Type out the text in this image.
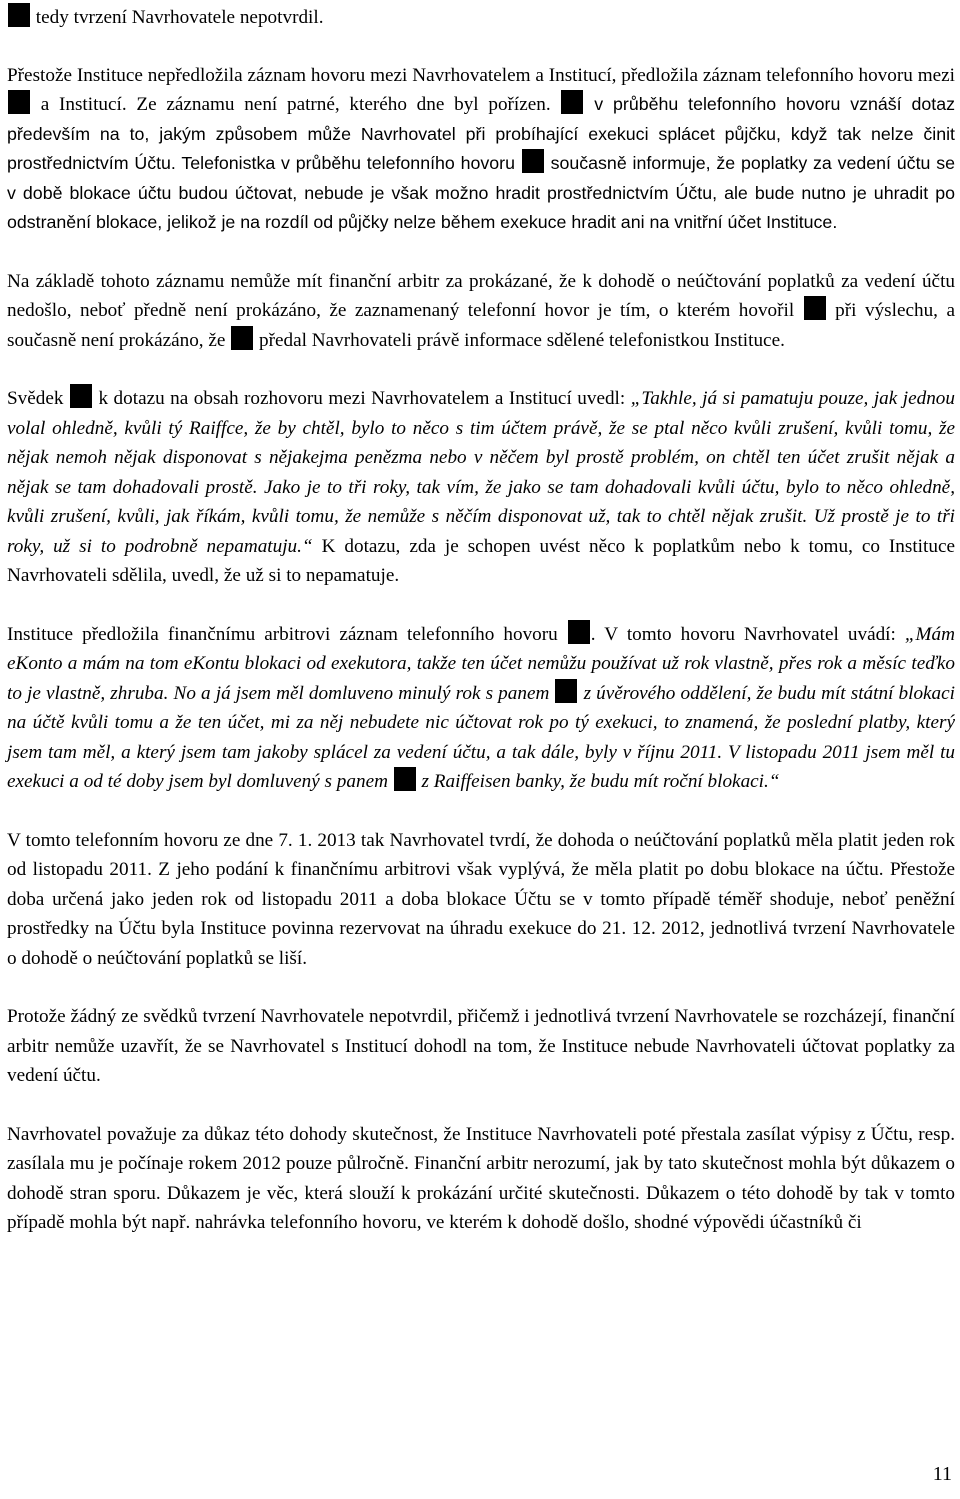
tedy tvrzení Navrhovatele nepotvrdil.

Přestože Instituce nepředložila záznam hovoru mezi Navrhovatelem a Institucí, předložila záznam telefonního hovoru mezi  a Institucí. Ze záznamu není patrné, kterého dne byl pořízen.  v průběhu telefonního hovoru vznáší dotaz především na to, jakým způsobem může Navrhovatel při probíhající exekuci splácet půjčku, když tak nelze činit prostřednictvím Účtu. Telefonistka v průběhu telefonního hovoru  současně informuje, že poplatky za vedení účtu se v době blokace účtu budou účtovat, nebude je však možno hradit prostřednictvím Účtu, ale bude nutno je uhradit po odstranění blokace, jelikož je na rozdíl od půjčky nelze během exekuce hradit ani na vnitřní účet Instituce.

Na základě tohoto záznamu nemůže mít finanční arbitr za prokázané, že k dohodě o neúčtování poplatků za vedení účtu nedošlo, neboť předně není prokázáno, že zaznamenaný telefonní hovor je tím, o kterém hovořil  při výslechu, a současně není prokázáno, že  předal Navrhovateli právě informace sdělené telefonistkou Instituce.

Svědek  k dotazu na obsah rozhovoru mezi Navrhovatelem a Institucí uvedl: „Takhle, já si pamatuju pouze, jak jednou volal ohledně, kvůli tý Raiffce, že by chtěl, bylo to něco s tim účtem právě, že se ptal něco kvůli zrušení, kvůli tomu, že nějak nemoh nějak disponovat s nějakejma penězma nebo v něčem byl prostě problém, on chtěl ten účet zrušit nějak a nějak se tam dohadovali prostě. Jako je to tři roky, tak vím, že jako se tam dohadovali kvůli účtu, bylo to něco ohledně, kvůli zrušení, kvůli, jak říkám, kvůli tomu, že nemůže s něčím disponovat už, tak to chtěl nějak zrušit. Už prostě je to tři roky, už si to podrobně nepamatuju.“ K dotazu, zda je schopen uvést něco k poplatkům nebo k tomu, co Instituce Navrhovateli sdělila, uvedl, že už si to nepamatuje.

Instituce předložila finančnímu arbitrovi záznam telefonního hovoru . V tomto hovoru Navrhovatel uvádí: „Mám eKonto a mám na tom eKontu blokaci od exekutora, takže ten účet nemůžu používat už rok vlastně, přes rok a měsíc teďko to je vlastně, zhruba. No a já jsem měl domluveno minulý rok s panem  z úvěrového oddělení, že budu mít státní blokaci na účtě kvůli tomu a že ten účet, mi za něj nebudete nic účtovat rok po tý exekuci, to znamená, že poslední platby, který jsem tam měl, a který jsem tam jakoby splácel za vedení účtu, a tak dále, byly v říjnu 2011. V listopadu 2011 jsem měl tu exekuci a od té doby jsem byl domluvený s panem  z Raiffeisen banky, že budu mít roční blokaci.“

V tomto telefonním hovoru ze dne 7. 1. 2013 tak Navrhovatel tvrdí, že dohoda o neúčtování poplatků měla platit jeden rok od listopadu 2011. Z jeho podání k finančnímu arbitrovi však vyplývá, že měla platit po dobu blokace na účtu. Přestože doba určená jako jeden rok od listopadu 2011 a doba blokace Účtu se v tomto případě téměř shoduje, neboť peněžní prostředky na Účtu byla Instituce povinna rezervovat na úhradu exekuce do 21. 12. 2012, jednotlivá tvrzení Navrhovatele o dohodě o neúčtování poplatků se liší.

Protože žádný ze svědků tvrzení Navrhovatele nepotvrdil, přičemž i jednotlivá tvrzení Navrhovatele se rozcházejí, finanční arbitr nemůže uzavřít, že se Navrhovatel s Institucí dohodl na tom, že Instituce nebude Navrhovateli účtovat poplatky za vedení účtu.

Navrhovatel považuje za důkaz této dohody skutečnost, že Instituce Navrhovateli poté přestala zasílat výpisy z Účtu, resp. zasílala mu je počínaje rokem 2012 pouze půlročně. Finanční arbitr nerozumí, jak by tato skutečnost mohla být důkazem o dohodě stran sporu. Důkazem je věc, která slouží k prokázání určité skutečnosti. Důkazem o této dohodě by tak v tomto případě mohla být např. nahrávka telefonního hovoru, ve kterém k dohodě došlo, shodné výpovědi účastníků či

11
